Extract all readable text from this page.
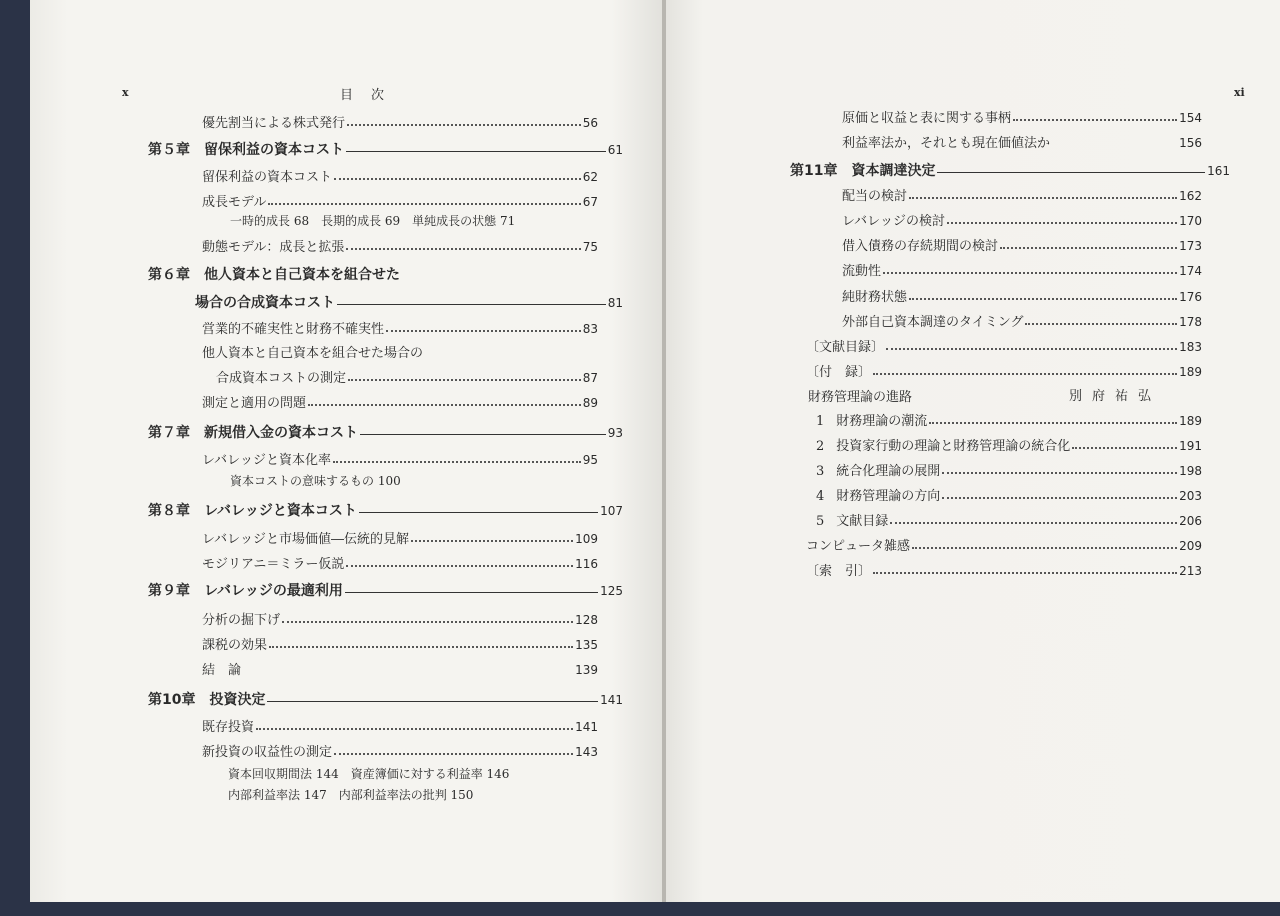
x	目次
優先割当による株式発行	56
第５章 留保利益の資本コスト	61
留保利益の資本コスト	62
成長モデル	67
一時的成長 68　長期的成長 69　単純成長の状態 71
動態モデル：成長と拡張	75
第６章 他人資本と自己資本を組合せた
場合の合成資本コスト	81
営業的不確実性と財務不確実性	83
他人資本と自己資本を組合せた場合の
合成資本コストの測定	87
測定と適用の問題	89
第７章 新規借入金の資本コスト	93
レバレッジと資本化率	95
資本コストの意味するもの 100
第８章 レバレッジと資本コスト	107
レバレッジと市場価値―伝統的見解	109
モジリアニ＝ミラー仮説	116
第９章 レバレッジの最適利用	125
分析の掘下げ	128
課税の効果	135
結　論	139
第10章 投資決定	141
既存投資	141
新投資の収益性の測定	143
資本回収期間法 144　資産簿価に対する利益率 146
内部利益率法 147　内部利益率法の批判 150
xi
原価と収益と表に関する事柄	154
利益率法か，それとも現在価値法か	156
第11章 資本調達決定	161
配当の検討	162
レバレッジの検討	170
借入債務の存続期間の検討	173
流動性	174
純財務状態	176
外部自己資本調達のタイミング	178
〔文献目録〕	183
〔付　録〕	189
財務管理論の進路	別府祐弘
1 財務理論の潮流	189
2 投資家行動の理論と財務管理論の統合化	191
3 統合化理論の展開	198
4 財務管理論の方向	203
5 文献目録	206
コンピュータ雑感	209
〔索　引〕	213
